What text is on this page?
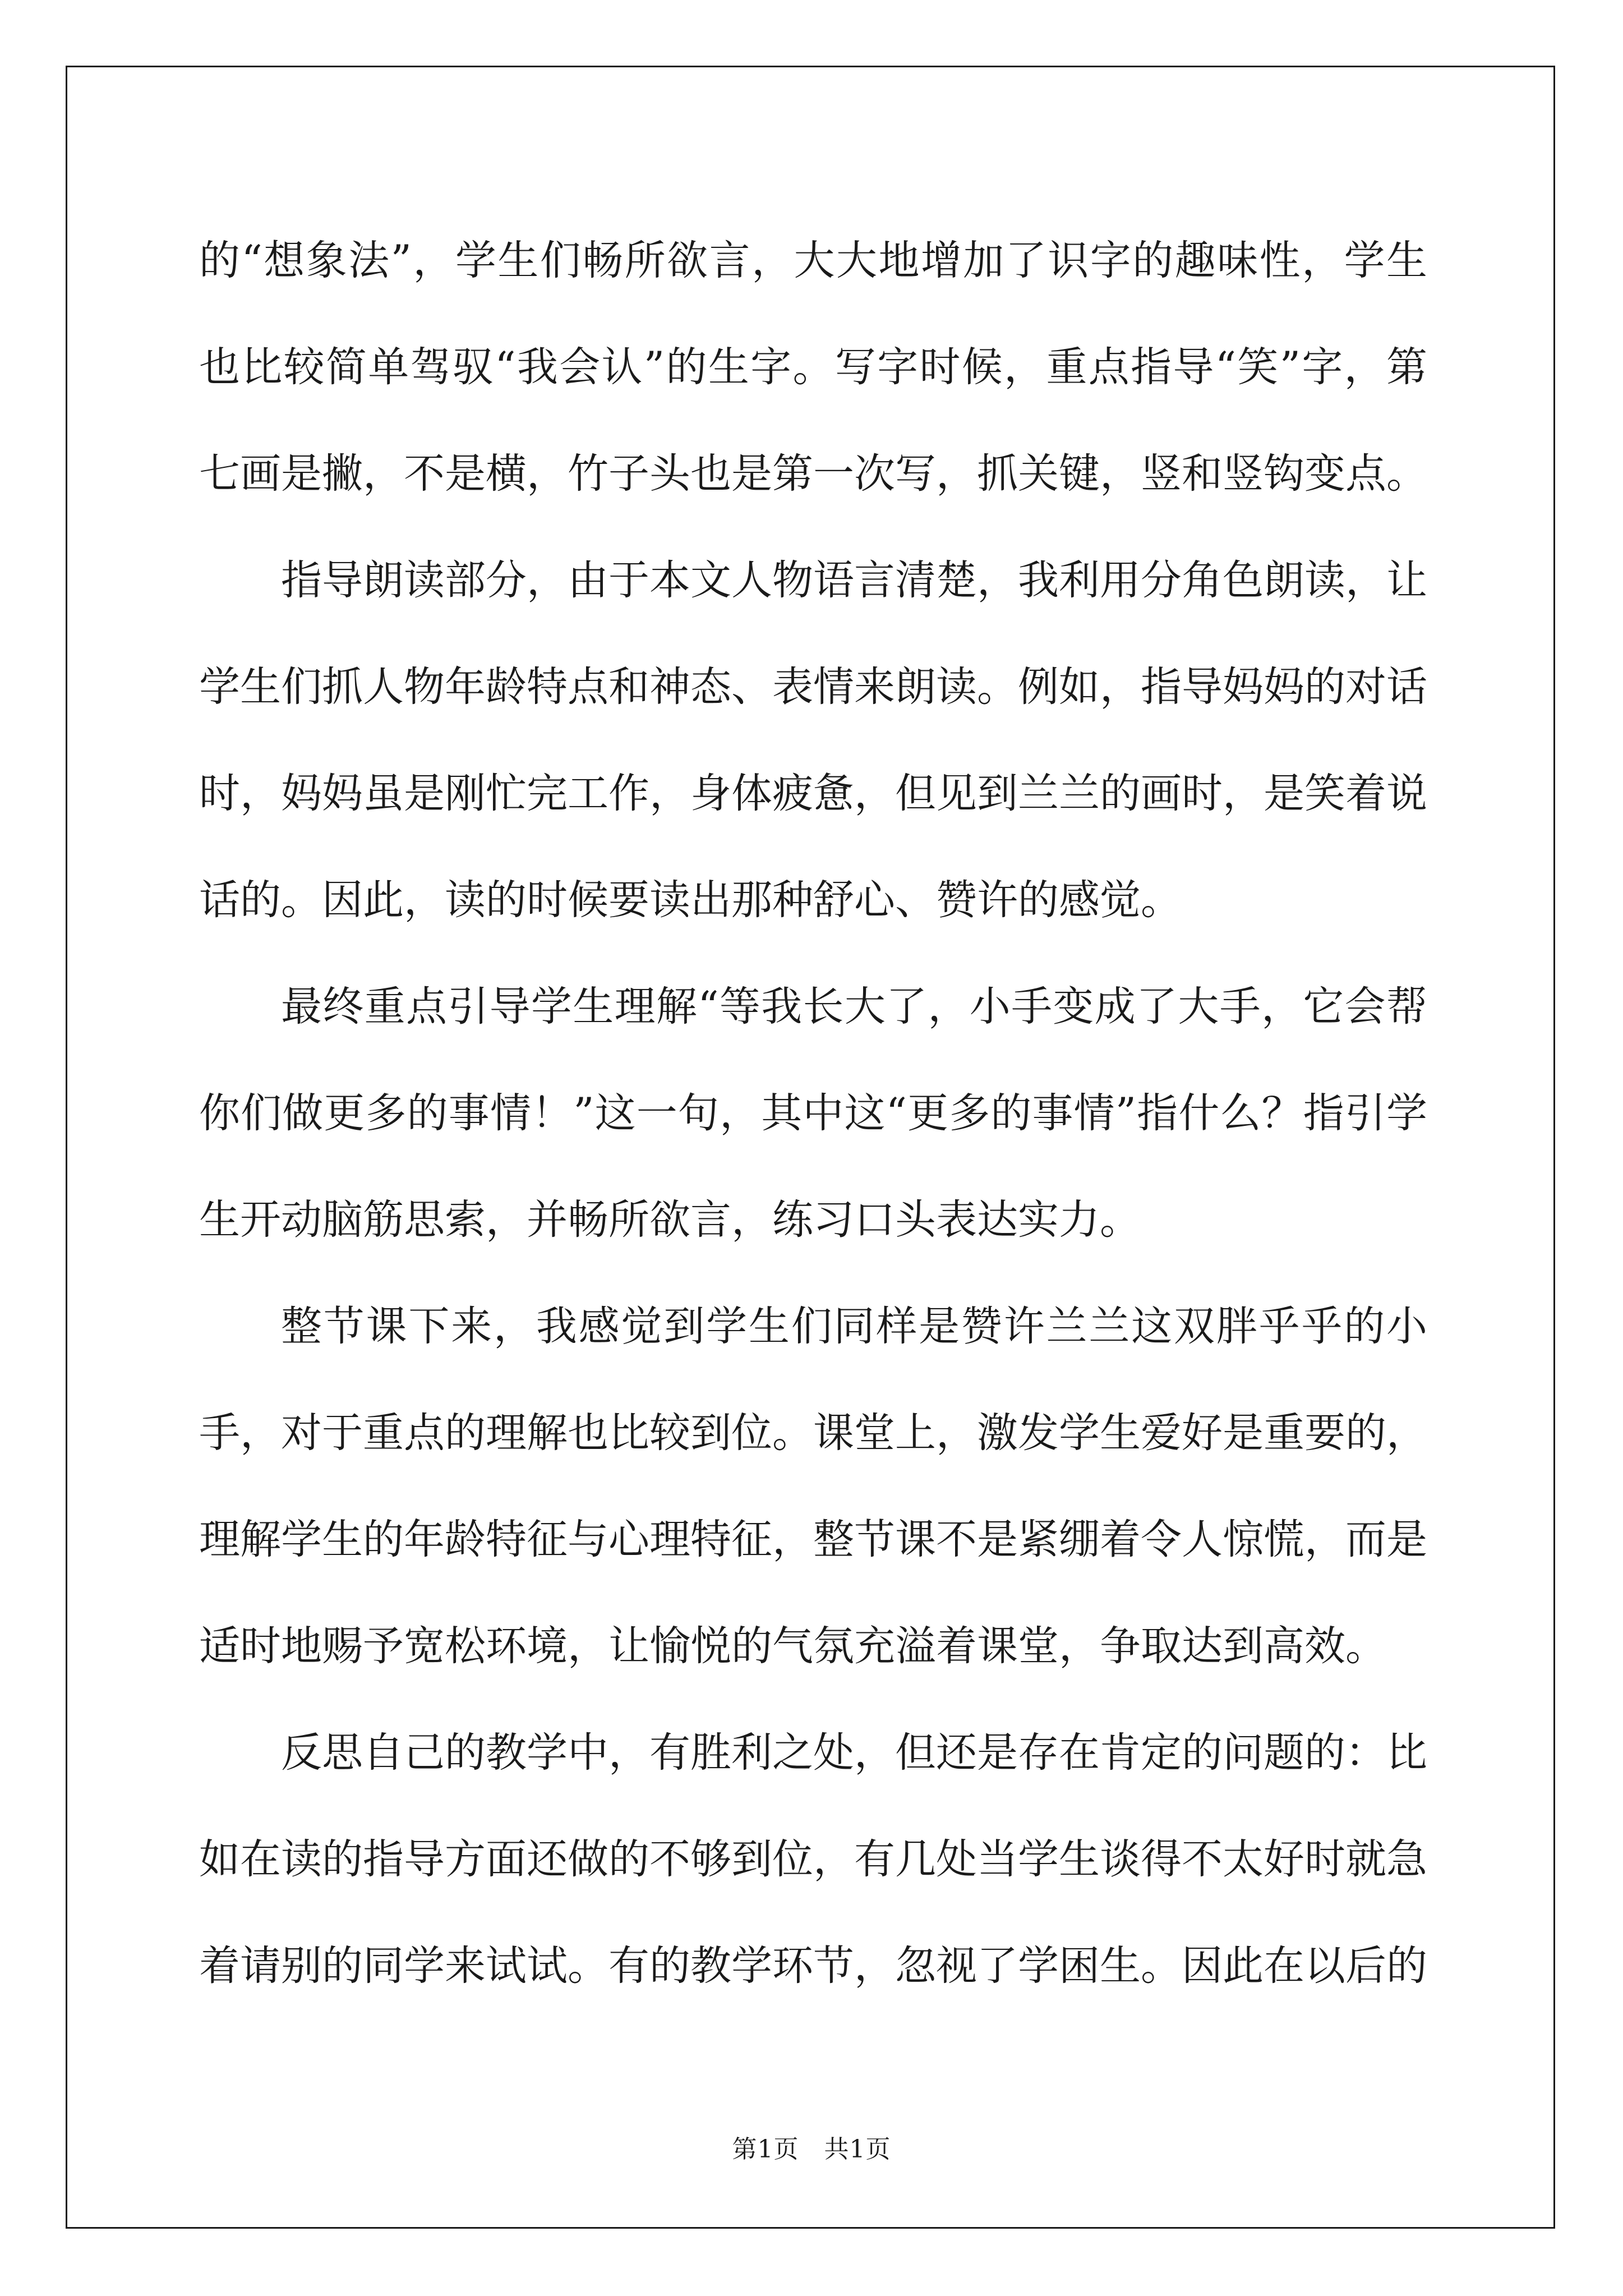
的“想象法”，学生们畅所欲言，大大地增加了识字的趣味性，学生也比较简单驾驭“我会认”的生字。写字时候，重点指导“笑”字，第七画是撇，不是横，竹子头也是第一次写，抓关键，竖和竖钩变点。

指导朗读部分，由于本文人物语言清楚，我利用分角色朗读，让学生们抓人物年龄特点和神态、表情来朗读。例如，指导妈妈的对话时，妈妈虽是刚忙完工作，身体疲惫，但见到兰兰的画时，是笑着说话的。因此，读的时候要读出那种舒心、赞许的感觉。

最终重点引导学生理解“等我长大了，小手变成了大手，它会帮你们做更多的事情！”这一句，其中这“更多的事情”指什么？指引学生开动脑筋思索，并畅所欲言，练习口头表达实力。

整节课下来，我感觉到学生们同样是赞许兰兰这双胖乎乎的小手，对于重点的理解也比较到位。课堂上，激发学生爱好是重要的，理解学生的年龄特征与心理特征，整节课不是紧绷着令人惊慌，而是适时地赐予宽松环境，让愉悦的气氛充溢着课堂，争取达到高效。

反思自己的教学中，有胜利之处，但还是存在肯定的问题的：比如在读的指导方面还做的不够到位，有几处当学生谈得不太好时就急着请别的同学来试试。有的教学环节，忽视了学困生。因此在以后的

第1页 共1页
